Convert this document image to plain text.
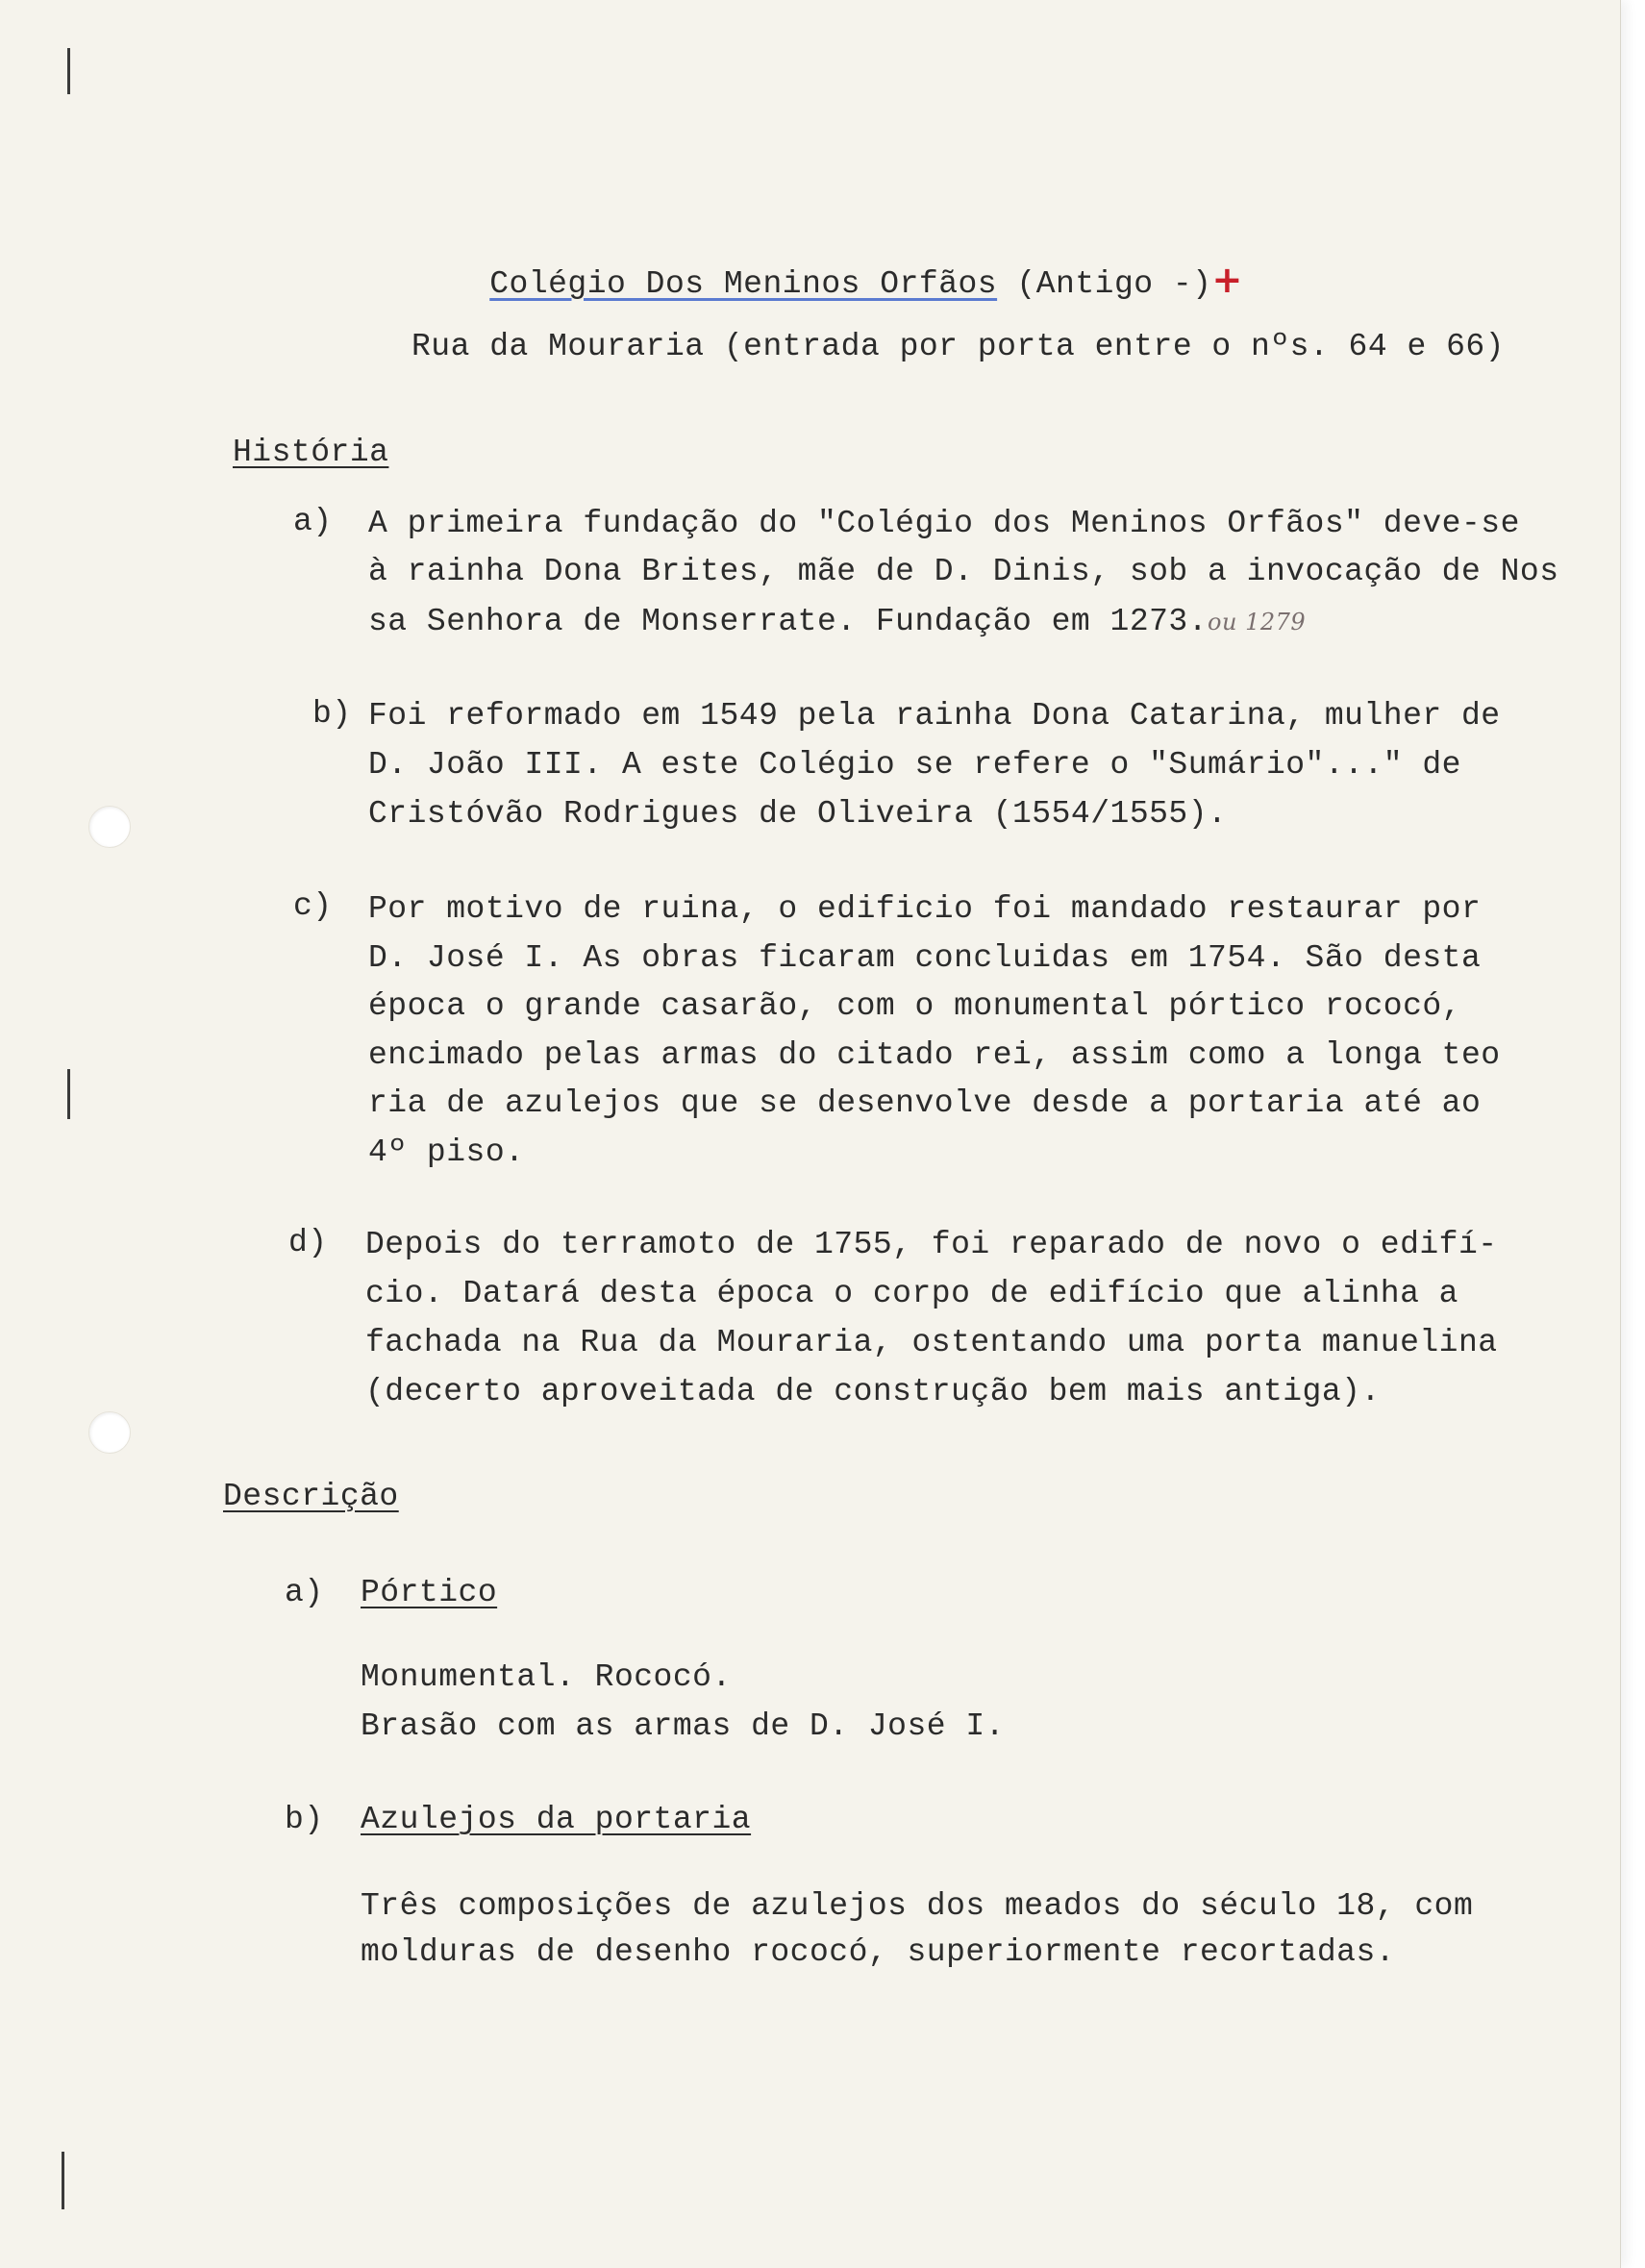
Colégio Dos Meninos Orfãos (Antigo -)+

Rua da Mouraria (entrada por porta entre o nºs. 64 e 66)
História
a) A primeira fundação do "Colégio dos Meninos Orfãos" deve-se
à rainha Dona Brites, mãe de D. Dinis, sob a invocação de Nos
sa Senhora de Monserrate. Fundação em 1273.ou 1279
b) Foi reformado em 1549 pela rainha Dona Catarina, mulher de
D. João III. A este Colégio se refere o "Sumário"..." de
Cristóvão Rodrigues de Oliveira (1554/1555).
c) Por motivo de ruina, o edificio foi mandado restaurar por
D. José I. As obras ficaram concluidas em 1754. São desta
época o grande casarão, com o monumental pórtico rococó,
encimado pelas armas do citado rei, assim como a longa teo
ria de azulejos que se desenvolve desde a portaria até ao
4º piso.
d) Depois do terramoto de 1755, foi reparado de novo o edifí-
cio. Datará desta época o corpo de edifício que alinha a
fachada na Rua da Mouraria, ostentando uma porta manuelina
(decerto aproveitada de construção bem mais antiga).
Descrição
a) Pórtico
Monumental. Rococó.
Brasão com as armas de D. José I.
b) Azulejos da portaria
Três composições de azulejos dos meados do século 18, com
molduras de desenho rococó, superiormente recortadas.
